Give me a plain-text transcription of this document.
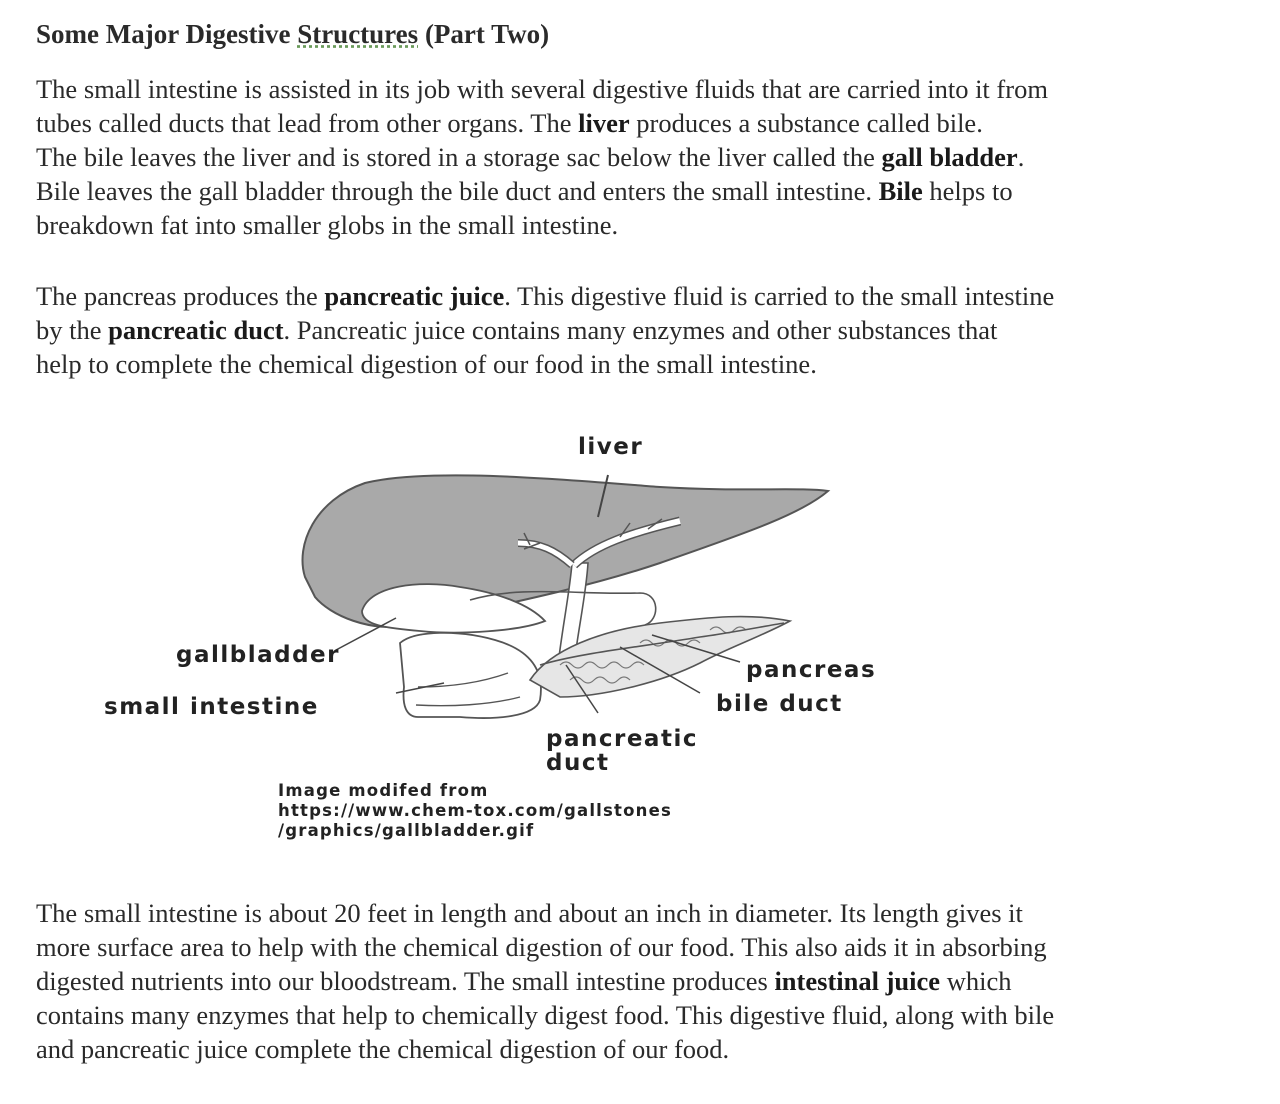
Some Major Digestive Structures (Part Two)

The small intestine is assisted in its job with several digestive fluids that are carried into it from
tubes called ducts that lead from other organs. The liver produces a substance called bile.
The bile leaves the liver and is stored in a storage sac below the liver called the gall bladder.
Bile leaves the gall bladder through the bile duct and enters the small intestine. Bile helps to
breakdown fat into smaller globs in the small intestine.

The pancreas produces the pancreatic juice. This digestive fluid is carried to the small intestine
by the pancreatic duct. Pancreatic juice contains many enzymes and other substances that
help to complete the chemical digestion of our food in the small intestine.

liver
gallbladder
small intestine
pancreas
bile duct
pancreatic
duct
Image modifed from
https://www.chem-tox.com/gallstones
/graphics/gallbladder.gif

The small intestine is about 20 feet in length and about an inch in diameter. Its length gives it
more surface area to help with the chemical digestion of our food. This also aids it in absorbing
digested nutrients into our bloodstream. The small intestine produces intestinal juice which
contains many enzymes that help to chemically digest food. This digestive fluid, along with bile
and pancreatic juice complete the chemical digestion of our food.
